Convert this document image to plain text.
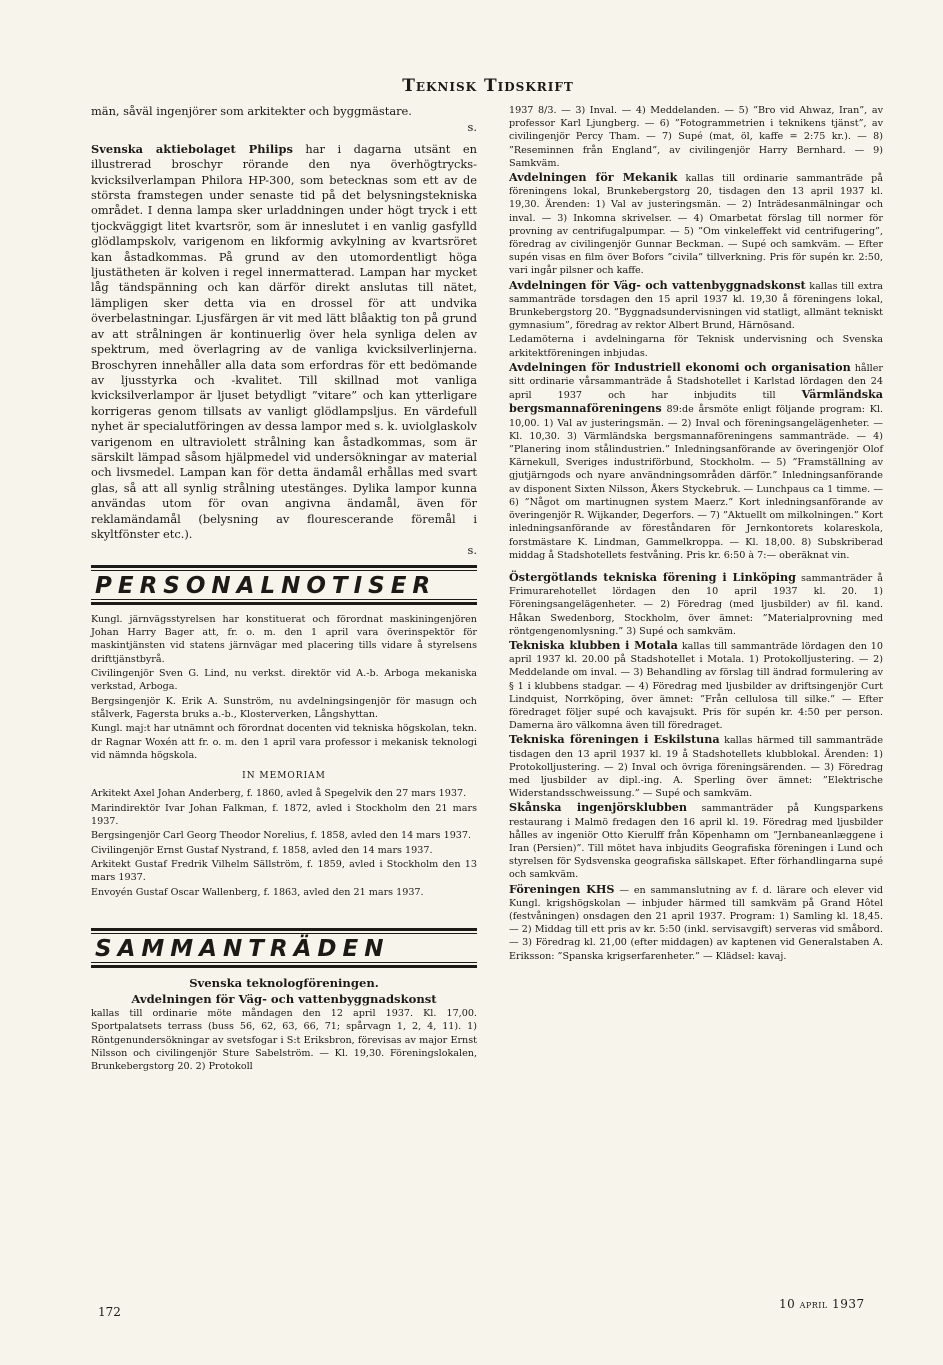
Teknisk Tidskrift

män, såväl ingenjörer som arkitekter och byggmästare.

s.

Svenska aktiebolaget Philips har i dagarna utsänt en illustrerad broschyr rörande den nya överhögtrycks-kvicksilverlampan Philora HP-300, som betecknas som ett av de största framstegen under senaste tid på det belysningstekniska området. I denna lampa sker urladdningen under högt tryck i ett tjockväggigt litet kvartsrör, som är inneslutet i en vanlig gasfylld glödlampskolv, varigenom en likformig avkylning av kvartsröret kan åstadkommas. På grund av den utomordentligt höga ljustätheten är kolven i regel innermatterad. Lampan har mycket låg tändspänning och kan därför direkt anslutas till nätet, lämpligen sker detta via en drossel för att undvika överbelastningar. Ljusfärgen är vit med lätt blåaktig ton på grund av att strålningen är kontinuerlig över hela synliga delen av spektrum, med överlagring av de vanliga kvicksilverlinjerna. Broschyren innehåller alla data som erfordras för ett bedömande av ljusstyrka och -kvalitet. Till skillnad mot vanliga kvicksilverlampor är ljuset betydligt ”vitare” och kan ytterligare korrigeras genom tillsats av vanligt glödlampsljus. En värdefull nyhet är specialutföringen av dessa lampor med s. k. uviolglaskolv varigenom en ultraviolett strålning kan åstadkommas, som är särskilt lämpad såsom hjälpmedel vid undersökningar av material och livsmedel. Lampan kan för detta ändamål erhållas med svart glas, så att all synlig strålning utestänges. Dylika lampor kunna användas utom för ovan angivna ändamål, även för reklamändamål (belysning av flourescerande föremål i skyltfönster etc.).

s.

PERSONALNOTISER

Kungl. järnvägsstyrelsen har konstituerat och förordnat maskiningenjören Johan Harry Bager att, fr. o. m. den 1 april vara överinspektör för maskintjänsten vid statens järnvägar med placering tills vidare å styrelsens drifttjänstbyrå.

Civilingenjör Sven G. Lind, nu verkst. direktör vid A.-b. Arboga mekaniska verkstad, Arboga.

Bergsingenjör K. Erik A. Sunström, nu avdelningsingenjör för masugn och stålverk, Fagersta bruks a.-b., Klosterverken, Långshyttan.

Kungl. maj:t har utnämnt och förordnat docenten vid tekniska högskolan, tekn. dr Ragnar Woxén att fr. o. m. den 1 april vara professor i mekanisk teknologi vid nämnda högskola.

IN MEMORIAM

Arkitekt Axel Johan Anderberg, f. 1860, avled å Spegelvik den 27 mars 1937.

Marindirektör Ivar Johan Falkman, f. 1872, avled i Stockholm den 21 mars 1937.

Bergsingenjör Carl Georg Theodor Norelius, f. 1858, avled den 14 mars 1937.

Civilingenjör Ernst Gustaf Nystrand, f. 1858, avled den 14 mars 1937.

Arkitekt Gustaf Fredrik Vilhelm Sällström, f. 1859, avled i Stockholm den 13 mars 1937.

Envoyén Gustaf Oscar Wallenberg, f. 1863, avled den 21 mars 1937.

SAMMANTRÄDEN

Svenska teknologföreningen.

Avdelningen för Väg- och vattenbyggnadskonst

kallas till ordinarie möte måndagen den 12 april 1937. Kl. 17,00. Sportpalatsets terrass (buss 56, 62, 63, 66, 71; spårvagn 1, 2, 4, 11). 1) Röntgenundersökningar av svetsfogar i S:t Eriksbron, förevisas av major Ernst Nilsson och civilingenjör Sture Sabelström. — Kl. 19,30. Föreningslokalen, Brunkebergstorg 20. 2) Protokoll

1937 8/3. — 3) Inval. — 4) Meddelanden. — 5) ”Bro vid Ahwaz, Iran”, av professor Karl Ljungberg. — 6) ”Fotogrammetrien i teknikens tjänst”, av civilingenjör Percy Tham. — 7) Supé (mat, öl, kaffe = 2:75 kr.). — 8) ”Reseminnen från England”, av civilingenjör Harry Bernhard. — 9) Samkväm.

Avdelningen för Mekanik kallas till ordinarie sammanträde på föreningens lokal, Brunkebergstorg 20, tisdagen den 13 april 1937 kl. 19,30. Ärenden: 1) Val av justeringsmän. — 2) Inträdesanmälningar och inval. — 3) Inkomna skrivelser. — 4) Omarbetat förslag till normer för provning av centrifugalpumpar. — 5) ”Om vinkeleffekt vid centrifugering”, föredrag av civilingenjör Gunnar Beckman. — Supé och samkväm. — Efter supén visas en film över Bofors ”civila” tillverkning. Pris för supén kr. 2:50, vari ingår pilsner och kaffe.

Avdelningen för Väg- och vattenbyggnadskonst kallas till extra sammanträde torsdagen den 15 april 1937 kl. 19,30 å föreningens lokal, Brunkebergstorg 20. ”Byggnadsundervisningen vid statligt, allmänt tekniskt gymnasium”, föredrag av rektor Albert Brund, Härnösand.

Ledamöterna i avdelningarna för Teknisk undervisning och Svenska arkitektföreningen inbjudas.

Avdelningen för Industriell ekonomi och organisation håller sitt ordinarie vårsammanträde å Stadshotellet i Karlstad lördagen den 24 april 1937 och har inbjudits till Värmländska bergsmannaföreningens 89:de årsmöte enligt följande program: Kl. 10,00. 1) Val av justeringsmän. — 2) Inval och föreningsangelägenheter. — Kl. 10,30. 3) Värmländska bergsmannaföreningens sammanträde. — 4) ”Planering inom stålindustrien.” Inledningsanförande av överingenjör Olof Kärnekull, Sveriges industriförbund, Stockholm. — 5) ”Framställning av gjutjärngods och nyare användningsområden därför.” Inledningsanförande av disponent Sixten Nilsson, Åkers Styckebruk. — Lunchpaus ca 1 timme. — 6) ”Något om martinugnen system Maerz.” Kort inledningsanförande av överingenjör R. Wijkander, Degerfors. — 7) ”Aktuellt om milkolningen.” Kort inledningsanförande av föreståndaren för Jernkontorets kolareskola, forstmästare K. Lindman, Gammelkroppa. — Kl. 18,00. 8) Subskriberad middag å Stadshotellets festvåning. Pris kr. 6:50 à 7:— oberäknat vin.

Östergötlands tekniska förening i Linköping sammanträder å Frimurarehotellet lördagen den 10 april 1937 kl. 20. 1) Föreningsangelägenheter. — 2) Föredrag (med ljusbilder) av fil. kand. Håkan Swedenborg, Stockholm, över ämnet: ”Materialprovning med röntgengenomlysning.” 3) Supé och samkväm.

Tekniska klubben i Motala kallas till sammanträde lördagen den 10 april 1937 kl. 20.00 på Stadshotellet i Motala. 1) Protokolljustering. — 2) Meddelande om inval. — 3) Behandling av förslag till ändrad formulering av § 1 i klubbens stadgar. — 4) Föredrag med ljusbilder av driftsingenjör Curt Lindquist, Norrköping, över ämnet: ”Från cellulosa till silke.” — Efter föredraget följer supé och kavajsukt. Pris för supén kr. 4:50 per person. Damerna äro välkomna även till föredraget.

Tekniska föreningen i Eskilstuna kallas härmed till sammanträde tisdagen den 13 april 1937 kl. 19 å Stadshotellets klubblokal. Ärenden: 1) Protokolljustering. — 2) Inval och övriga föreningsärenden. — 3) Föredrag med ljusbilder av dipl.-ing. A. Sperling över ämnet: ”Elektrische Widerstandsschweissung.” — Supé och samkväm.

Skånska ingenjörsklubben sammanträder på Kungsparkens restaurang i Malmö fredagen den 16 april kl. 19. Föredrag med ljusbilder hålles av ingeniör Otto Kierulff från Köpenhamn om ”Jernbaneanlæggene i Iran (Persien)”. Till mötet hava inbjudits Geografiska föreningen i Lund och styrelsen för Sydsvenska geografiska sällskapet. Efter förhandlingarna supé och samkväm.

Föreningen KHS — en sammanslutning av f. d. lärare och elever vid Kungl. krigshögskolan — inbjuder härmed till samkväm på Grand Hôtel (festvåningen) onsdagen den 21 april 1937. Program: 1) Samling kl. 18,45. — 2) Middag till ett pris av kr. 5:50 (inkl. servisavgift) serveras vid småbord. — 3) Föredrag kl. 21,00 (efter middagen) av kaptenen vid Generalstaben A. Eriksson: ”Spanska krigserfarenheter.” — Klädsel: kavaj.

172
10 april 1937
